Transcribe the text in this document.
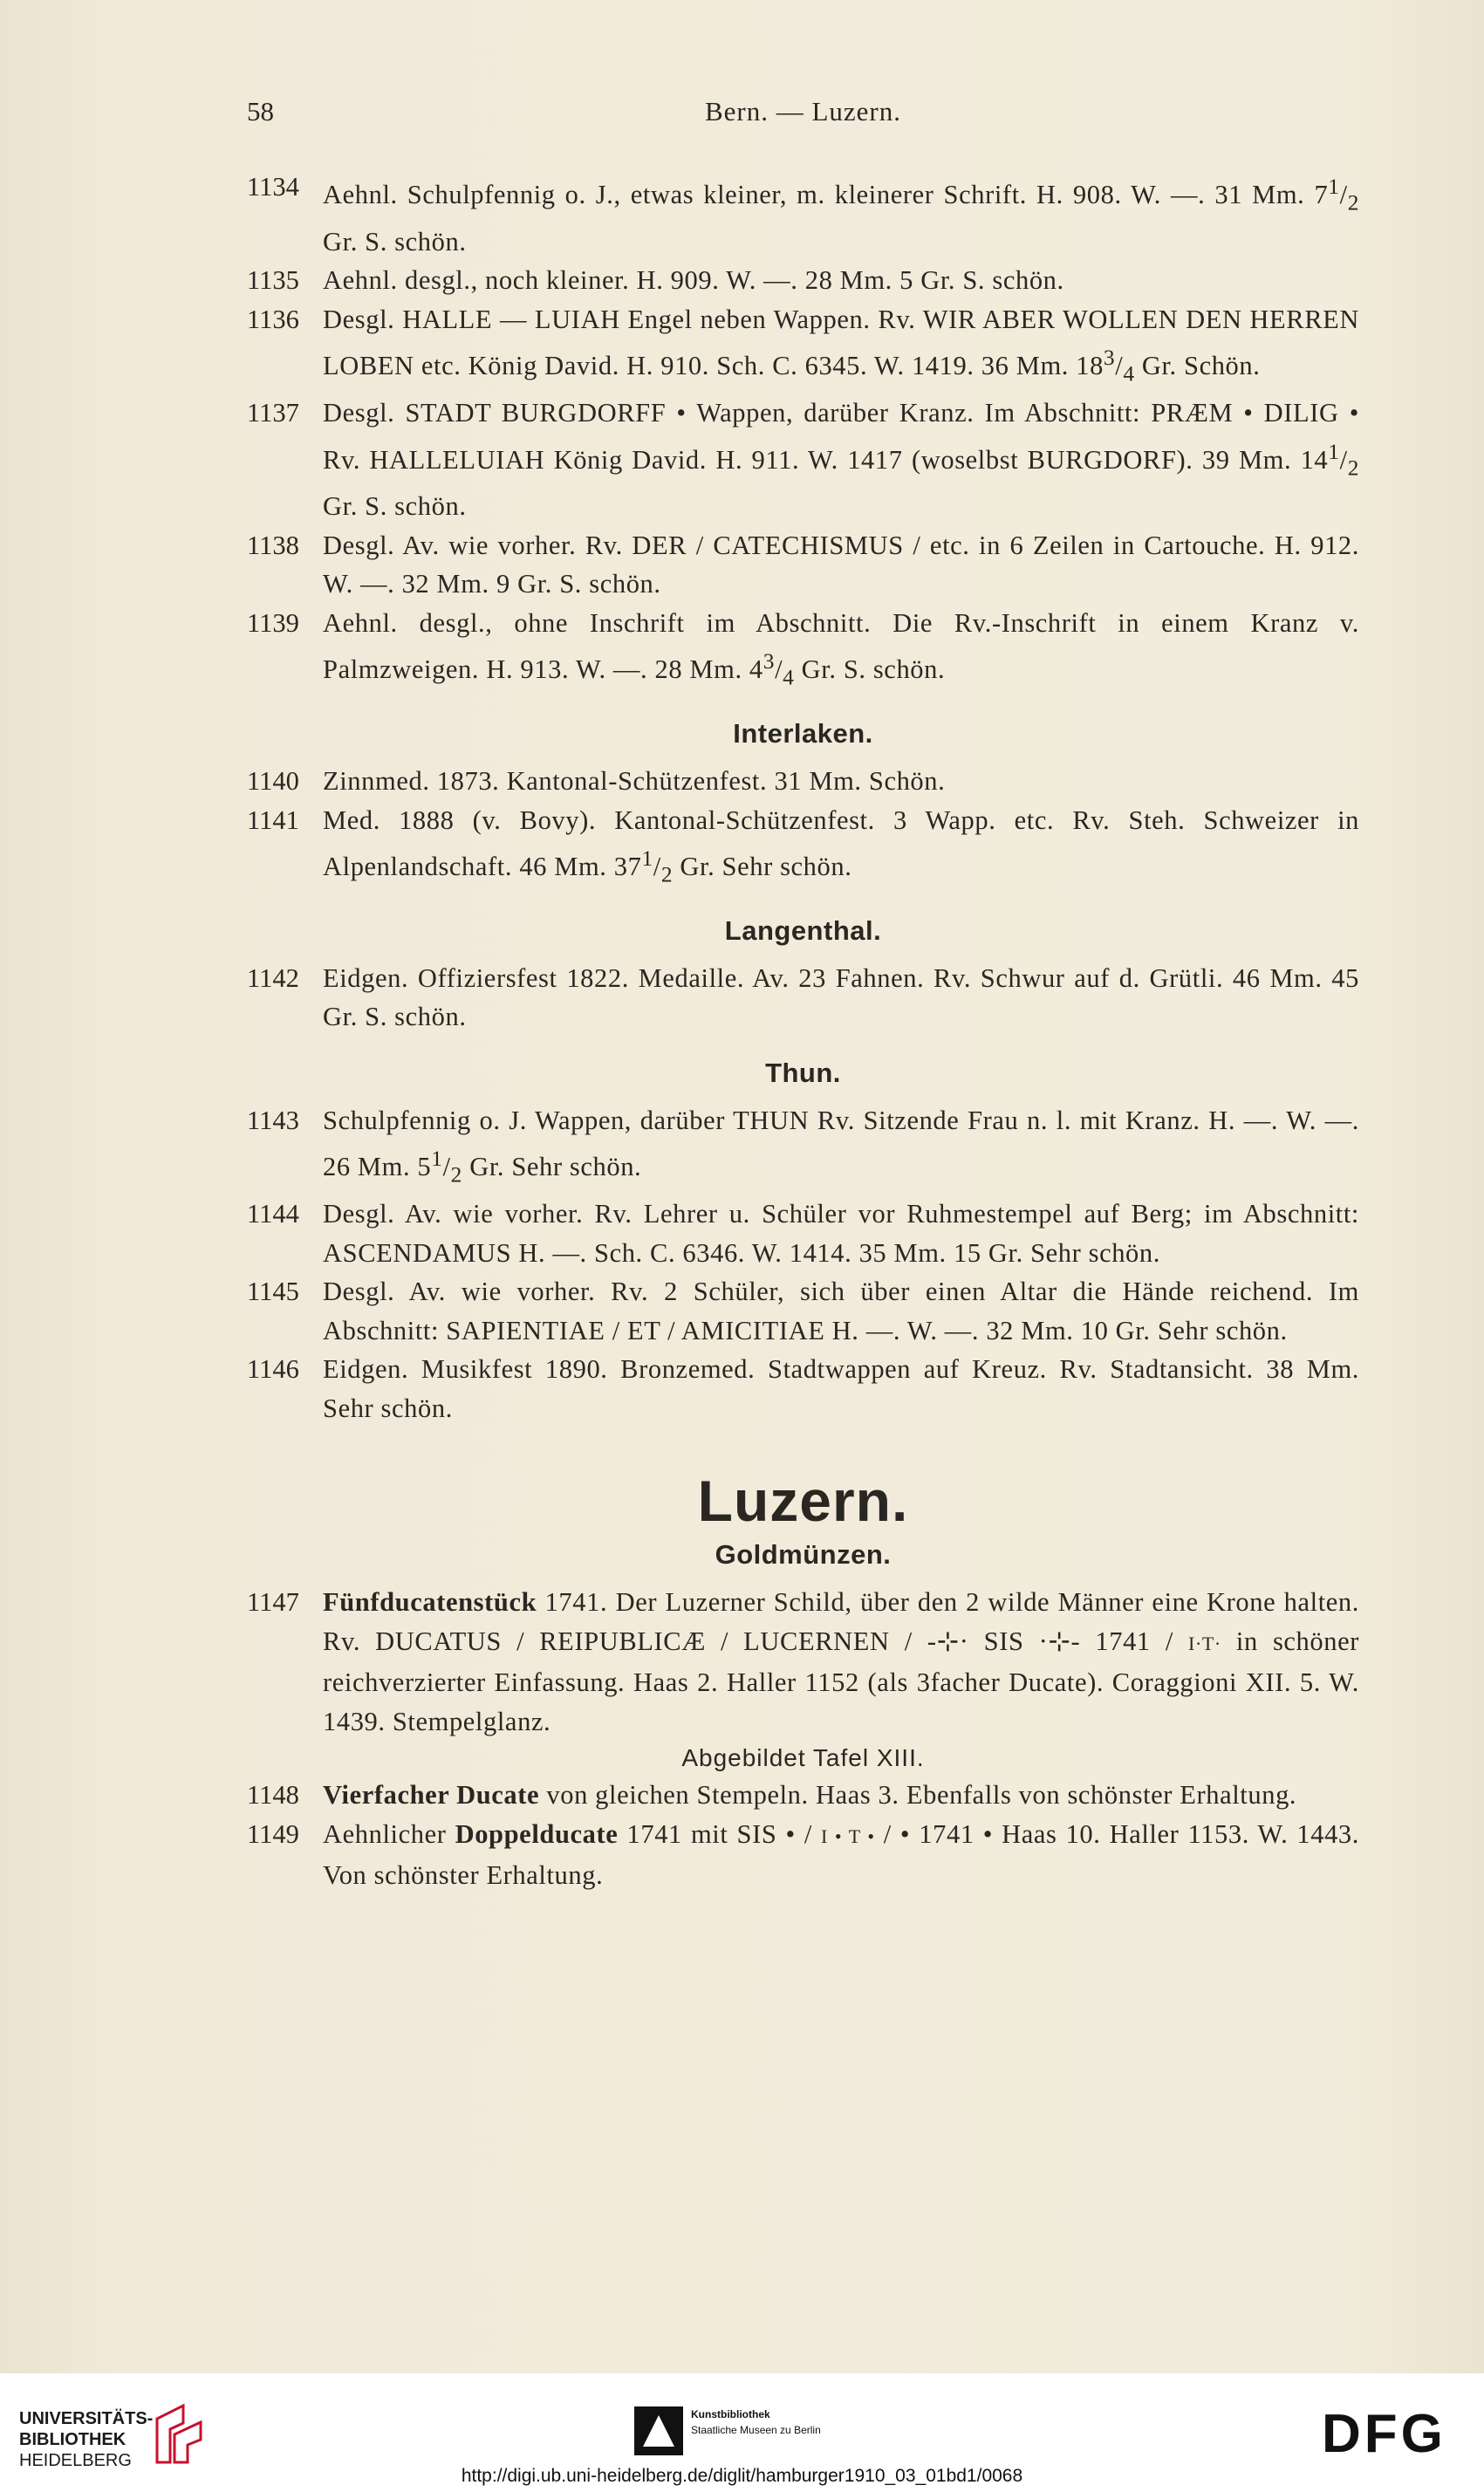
58	Bern. — Luzern.
1134 Aehnl. Schulpfennig o. J., etwas kleiner, m. kleinerer Schrift. H. 908. W. —. 31 Mm. $7^1/_2$ Gr. S. schön.
1135 Aehnl. desgl., noch kleiner. H. 909. W. —. 28 Mm. 5 Gr. S. schön.
1136 Desgl. HALLE — LUIAH Engel neben Wappen. Rv. WIR ABER WOLLEN DEN HERREN LOBEN etc. König David. H. 910. Sch. C. 6345. W. 1419. 36 Mm. $18^3/_4$ Gr. Schön.
1137 Desgl. STADT BURGDORFF • Wappen, darüber Kranz. Im Abschnitt: PRÆM • DILIG • Rv. HALLELUIAH König David. H. 911. W. 1417 (woselbst BURGDORF). 39 Mm. $14^1/_2$ Gr. S. schön.
1138 Desgl. Av. wie vorher. Rv. DER / CATECHISMUS / etc. in 6 Zeilen in Cartouche. H. 912. W. —. 32 Mm. 9 Gr. S. schön.
1139 Aehnl. desgl., ohne Inschrift im Abschnitt. Die Rv.-Inschrift in einem Kranz v. Palmzweigen. H. 913. W. —. 28 Mm. $4^3/_4$ Gr. S. schön.
Interlaken.
1140 Zinnmed. 1873. Kantonal-Schützenfest. 31 Mm. Schön.
1141 Med. 1888 (v. Bovy). Kantonal-Schützenfest. 3 Wapp. etc. Rv. Steh. Schweizer in Alpenlandschaft. 46 Mm. $37^1/_2$ Gr. Sehr schön.
Langenthal.
1142 Eidgen. Offiziersfest 1822. Medaille. Av. 23 Fahnen. Rv. Schwur auf d. Grütli. 46 Mm. 45 Gr. S. schön.
Thun.
1143 Schulpfennig o. J. Wappen, darüber THUN Rv. Sitzende Frau n. l. mit Kranz. H. —. W. —. 26 Mm. $5^1/_2$ Gr. Sehr schön.
1144 Desgl. Av. wie vorher. Rv. Lehrer u. Schüler vor Ruhmestempel auf Berg; im Abschnitt: ASCENDAMUS H. —. Sch. C. 6346. W. 1414. 35 Mm. 15 Gr. Sehr schön.
1145 Desgl. Av. wie vorher. Rv. 2 Schüler, sich über einen Altar die Hände reichend. Im Abschnitt: SAPIENTIAE / ET / AMICITIAE H. —. W. —. 32 Mm. 10 Gr. Sehr schön.
1146 Eidgen. Musikfest 1890. Bronzemed. Stadtwappen auf Kreuz. Rv. Stadtansicht. 38 Mm. Sehr schön.
Luzern.
Goldmünzen.
1147 Fünfducatenstück 1741. Der Luzerner Schild, über den 2 wilde Männer eine Krone halten. Rv. DUCATUS / REIPUBLICÆ / LUCERNEN / -⊹· SIS ·⊹- 1741 / I·T· in schöner reichverzierter Einfassung. Haas 2. Haller 1152 (als 3facher Ducate). Coraggioni XII. 5. W. 1439. Stempelglanz.
Abgebildet Tafel XIII.
1148 Vierfacher Ducate von gleichen Stempeln. Haas 3. Ebenfalls von schönster Erhaltung.
1149 Aehnlicher Doppelducate 1741 mit SIS • / I • T • / • 1741 • Haas 10. Haller 1153. W. 1443. Von schönster Erhaltung.
UNIVERSITÄTS-
BIBLIOTHEK
HEIDELBERG
Kunstbibliothek
Staatliche Museen zu Berlin	DFG
http://digi.ub.uni-heidelberg.de/diglit/hamburger1910_03_01bd1/0068
